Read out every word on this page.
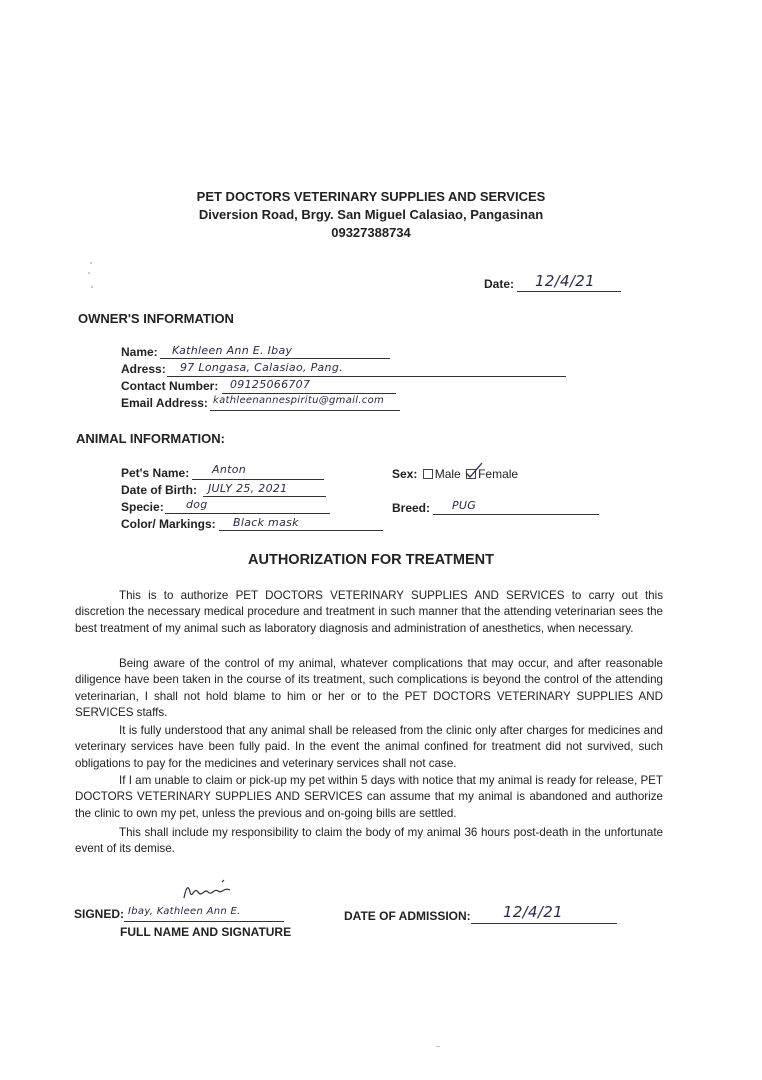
PET DOCTORS VETERINARY SUPPLIES AND SERVICES
Diversion Road, Brgy. San Miguel Calasiao, Pangasinan
09327388734
Date: 12/4/21
OWNER'S INFORMATION
Name: Kathleen Ann E. Ibay
Adress: 97 Longasa, Calasiao, Pang.
Contact Number: 09125066707
Email Address: kathleenannespiritu@gmail.com
ANIMAL INFORMATION:
Pet's Name: Anton
Date of Birth: JULY 25, 2021
Specie: dog
Color/ Markings: Black mask
Sex: Male Female
Breed: PUG
AUTHORIZATION FOR TREATMENT

This is to authorize PET DOCTORS VETERINARY SUPPLIES AND SERVICES to carry out this discretion the necessary medical procedure and treatment in such manner that the attending veterinarian sees the best treatment of my animal such as laboratory diagnosis and administration of anesthetics, when necessary.

Being aware of the control of my animal, whatever complications that may occur, and after reasonable diligence have been taken in the course of its treatment, such complications is beyond the control of the attending veterinarian, I shall not hold blame to him or her or to the PET DOCTORS VETERINARY SUPPLIES AND SERVICES staffs.

It is fully understood that any animal shall be released from the clinic only after charges for medicines and veterinary services have been fully paid. In the event the animal confined for treatment did not survived, such obligations to pay for the medicines and veterinary services shall not case.

If I am unable to claim or pick-up my pet within 5 days with notice that my animal is ready for release, PET DOCTORS VETERINARY SUPPLIES AND SERVICES can assume that my animal is abandoned and authorize the clinic to own my pet, unless the previous and on-going bills are settled.

This shall include my responsibility to claim the body of my animal 36 hours post-death in the unfortunate event of its demise.

SIGNED: Ibay, Kathleen Ann E.
FULL NAME AND SIGNATURE
DATE OF ADMISSION: 12/4/21
